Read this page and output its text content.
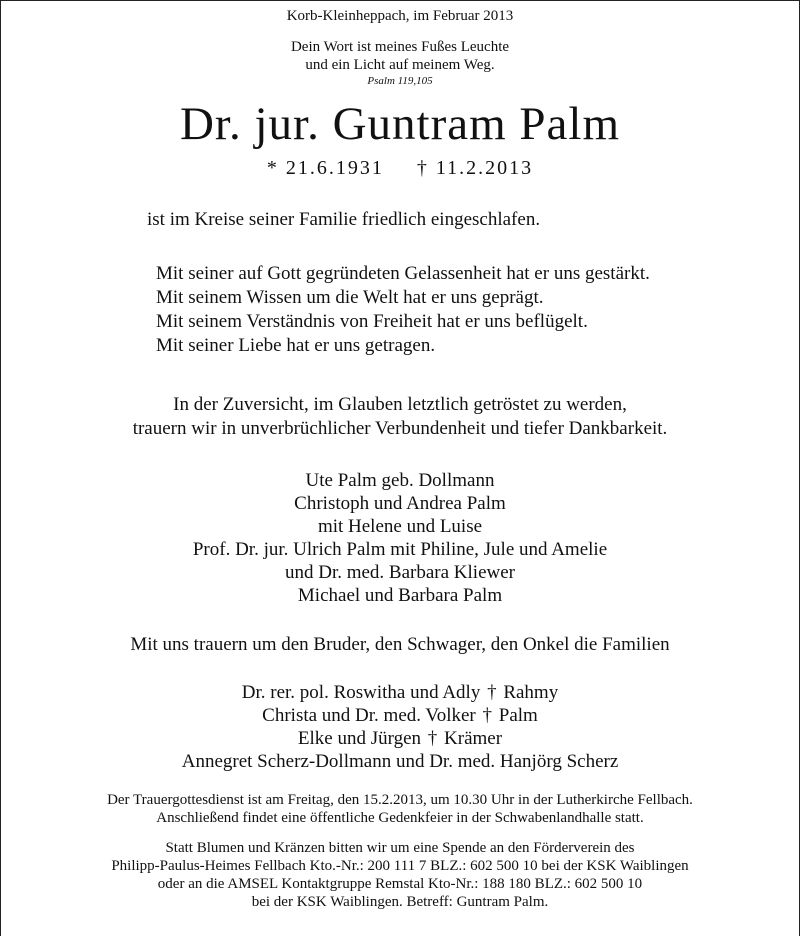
Korb-Kleinheppach, im Februar 2013
Dein Wort ist meines Fußes Leuchte
und ein Licht auf meinem Weg.
Psalm 119,105
Dr. jur. Guntram Palm
* 21.6.1931 † 11.2.2013
ist im Kreise seiner Familie friedlich eingeschlafen.
Mit seiner auf Gott gegründeten Gelassenheit hat er uns gestärkt.
Mit seinem Wissen um die Welt hat er uns geprägt.
Mit seinem Verständnis von Freiheit hat er uns beflügelt.
Mit seiner Liebe hat er uns getragen.
In der Zuversicht, im Glauben letztlich getröstet zu werden,
trauern wir in unverbrüchlicher Verbundenheit und tiefer Dankbarkeit.
Ute Palm geb. Dollmann
Christoph und Andrea Palm
mit Helene und Luise
Prof. Dr. jur. Ulrich Palm mit Philine, Jule und Amelie
und Dr. med. Barbara Kliewer
Michael und Barbara Palm
Mit uns trauern um den Bruder, den Schwager, den Onkel die Familien
Dr. rer. pol. Roswitha und Adly † Rahmy
Christa und Dr. med. Volker † Palm
Elke und Jürgen † Krämer
Annegret Scherz-Dollmann und Dr. med. Hanjörg Scherz
Der Trauergottesdienst ist am Freitag, den 15.2.2013, um 10.30 Uhr in der Lutherkirche Fellbach.
Anschließend findet eine öffentliche Gedenkfeier in der Schwabenlandhalle statt.
Statt Blumen und Kränzen bitten wir um eine Spende an den Förderverein des
Philipp-Paulus-Heimes Fellbach Kto.-Nr.: 200 111 7 BLZ.: 602 500 10 bei der KSK Waiblingen
oder an die AMSEL Kontaktgruppe Remstal Kto-Nr.: 188 180 BLZ.: 602 500 10
bei der KSK Waiblingen. Betreff: Guntram Palm.
